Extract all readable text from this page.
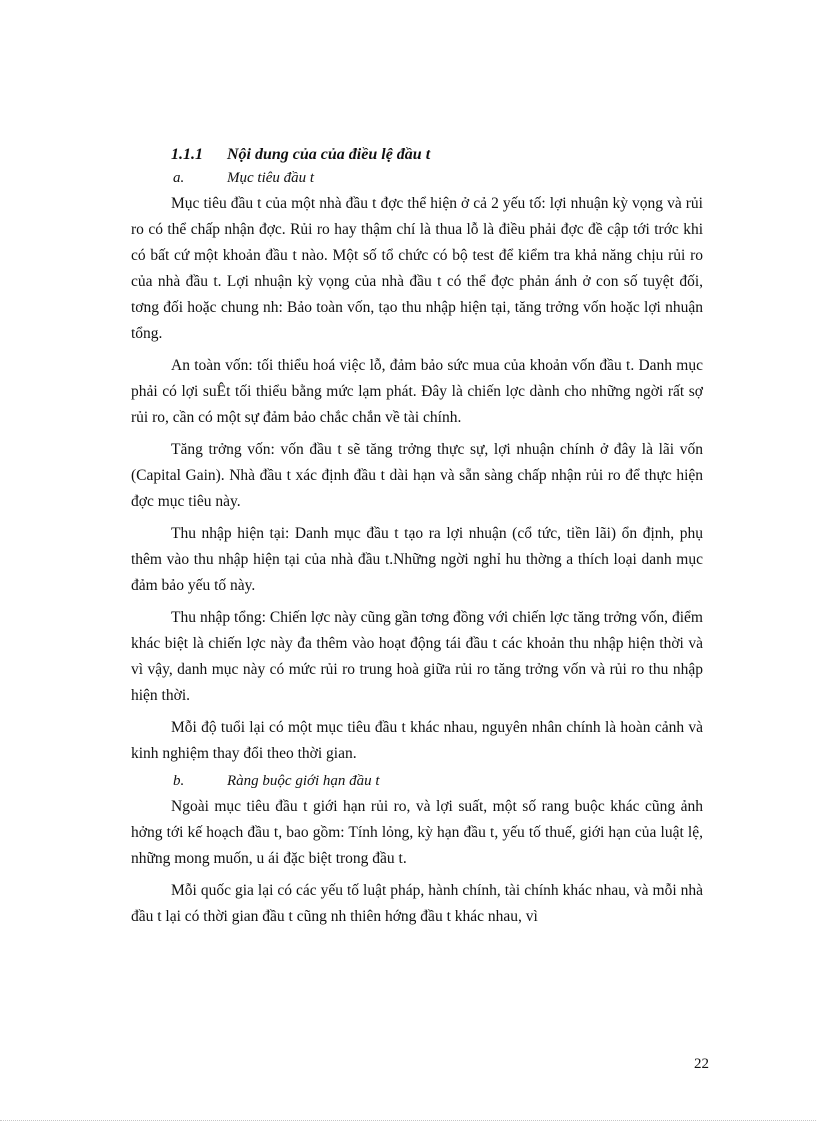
1.1.1	Nội dung của của điều lệ đầu t
a.	Mục tiêu đầu t

Mục tiêu đầu t của một nhà đầu t đợc thể hiện ở cả 2 yếu tố: lợi nhuận kỳ vọng và rủi ro có thể chấp nhận đợc. Rủi ro hay thậm chí là thua lỗ là điều phải đợc đề cập tới trớc khi có bất cứ một khoản đầu t nào. Một số tổ chức có bộ test để kiểm tra khả năng chịu rủi ro của nhà đầu t. Lợi nhuận kỳ vọng của nhà đầu t có thể đợc phản ánh ở con số tuyệt đối, tơng đối hoặc chung nh: Bảo toàn vốn, tạo thu nhập hiện tại, tăng trởng vốn hoặc lợi nhuận tổng.

An toàn vốn: tối thiểu hoá việc lỗ, đảm bảo sức mua của khoản vốn đầu t. Danh mục phải có lợi suÊt tối thiểu bằng mức lạm phát. Đây là chiến lợc dành cho những ngời rất sợ rủi ro, cần có một sự đảm bảo chắc chắn về tài chính.

Tăng trởng vốn: vốn đầu t sẽ tăng trởng thực sự, lợi nhuận chính ở đây là lãi vốn (Capital Gain). Nhà đầu t xác định đầu t dài hạn và sẵn sàng chấp nhận rủi ro để thực hiện đợc mục tiêu này.

Thu nhập hiện tại: Danh mục đầu t tạo ra lợi nhuận (cổ tức, tiền lãi) ổn định, phụ thêm vào thu nhập hiện tại của nhà đầu t.Những ngời nghỉ hu thờng a thích loại danh mục đảm bảo yếu tố này.

Thu nhập tổng: Chiến lợc này cũng gần tơng đồng với chiến lợc tăng trởng vốn, điểm khác biệt là chiến lợc này đa thêm vào hoạt động tái đầu t các khoản thu nhập hiện thời và vì vậy, danh mục này có mức rủi ro trung hoà giữa rủi ro tăng trởng vốn và rủi ro thu nhập hiện thời.

Mỗi độ tuổi lại có một mục tiêu đầu t khác nhau, nguyên nhân chính là hoàn cảnh và kinh nghiệm thay đổi theo thời gian.

b.	Ràng buộc giới hạn đầu t

Ngoài mục tiêu đầu t giới hạn rủi ro, và lợi suất, một số rang buộc khác cũng ảnh hởng tới kế hoạch đầu t, bao gồm: Tính lỏng, kỳ hạn đầu t, yếu tố thuế, giới hạn của luật lệ, những mong muốn, u ái đặc biệt trong đầu t.

Mỗi quốc gia lại có các yếu tố luật pháp, hành chính, tài chính khác nhau, và mỗi nhà đầu t lại có thời gian đầu t cũng nh thiên hớng đầu t khác nhau, vì

22
